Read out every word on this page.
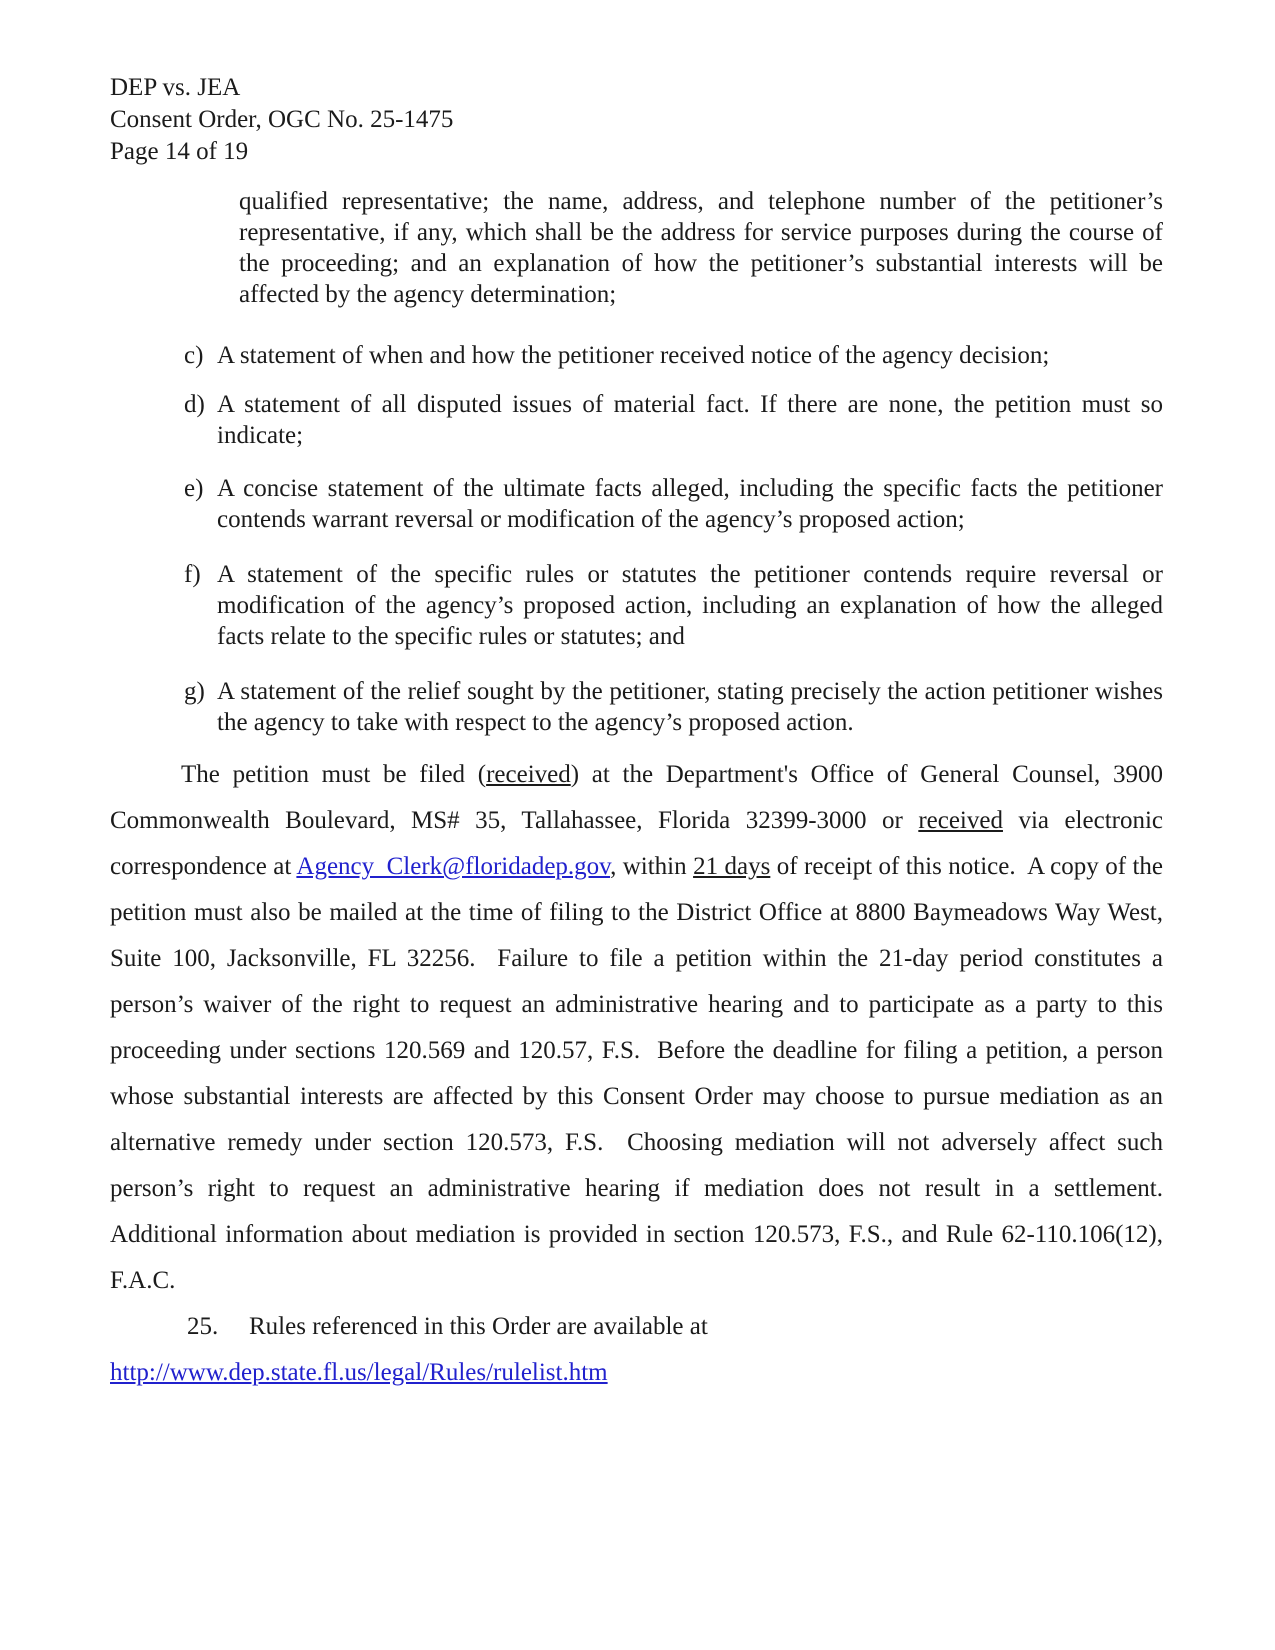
DEP vs. JEA
Consent Order, OGC No. 25-1475
Page 14 of 19

qualified representative; the name, address, and telephone number of the petitioner’s representative, if any, which shall be the address for service purposes during the course of the proceeding; and an explanation of how the petitioner’s substantial interests will be affected by the agency determination;

c) A statement of when and how the petitioner received notice of the agency decision;
d) A statement of all disputed issues of material fact. If there are none, the petition must so indicate;
e) A concise statement of the ultimate facts alleged, including the specific facts the petitioner contends warrant reversal or modification of the agency’s proposed action;
f) A statement of the specific rules or statutes the petitioner contends require reversal or modification of the agency’s proposed action, including an explanation of how the alleged facts relate to the specific rules or statutes; and
g) A statement of the relief sought by the petitioner, stating precisely the action petitioner wishes the agency to take with respect to the agency’s proposed action.

The petition must be filed (received) at the Department's Office of General Counsel, 3900 Commonwealth Boulevard, MS# 35, Tallahassee, Florida 32399-3000 or received via electronic correspondence at Agency_Clerk@floridadep.gov, within 21 days of receipt of this notice.  A copy of the petition must also be mailed at the time of filing to the District Office at 8800 Baymeadows Way West, Suite 100, Jacksonville, FL 32256.  Failure to file a petition within the 21-day period constitutes a person’s waiver of the right to request an administrative hearing and to participate as a party to this proceeding under sections 120.569 and 120.57, F.S.  Before the deadline for filing a petition, a person whose substantial interests are affected by this Consent Order may choose to pursue mediation as an alternative remedy under section 120.573, F.S.  Choosing mediation will not adversely affect such person’s right to request an administrative hearing if mediation does not result in a settlement.  Additional information about mediation is provided in section 120.573, F.S., and Rule 62-110.106(12), F.A.C.

25. Rules referenced in this Order are available at

http://www.dep.state.fl.us/legal/Rules/rulelist.htm
